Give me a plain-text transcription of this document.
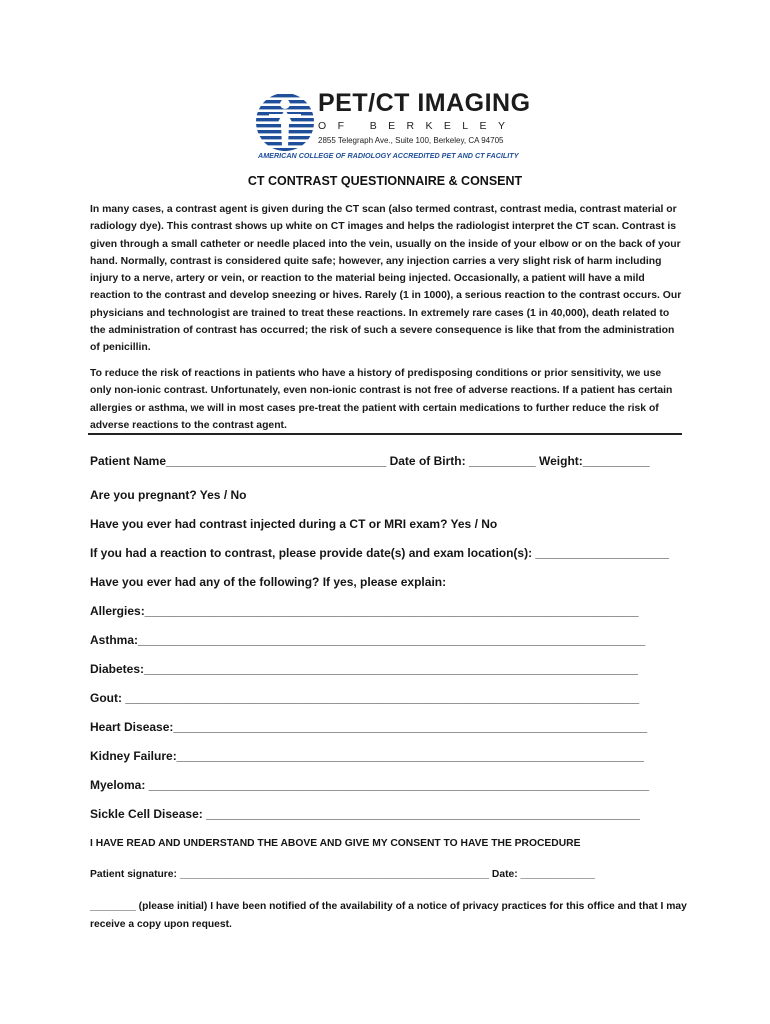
PET/CT IMAGING
OF BERKELEY
2855 Telegraph Ave., Suite 100, Berkeley, CA 94705
AMERICAN COLLEGE OF RADIOLOGY ACCREDITED PET AND CT FACILITY
CT CONTRAST QUESTIONNAIRE & CONSENT

In many cases, a contrast agent is given during the CT scan (also termed contrast, contrast media, contrast material or radiology dye). This contrast shows up white on CT images and helps the radiologist interpret the CT scan. Contrast is given through a small catheter or needle placed into the vein, usually on the inside of your elbow or on the back of your hand. Normally, contrast is considered quite safe; however, any injection carries a very slight risk of harm including injury to a nerve, artery or vein, or reaction to the material being injected. Occasionally, a patient will have a mild reaction to the contrast and develop sneezing or hives. Rarely (1 in 1000), a serious reaction to the contrast occurs. Our physicians and technologist are trained to treat these reactions. In extremely rare cases (1 in 40,000), death related to the administration of contrast has occurred; the risk of such a severe consequence is like that from the administration of penicillin.

To reduce the risk of reactions in patients who have a history of predisposing conditions or prior sensitivity, we use only non-ionic contrast. Unfortunately, even non-ionic contrast is not free of adverse reactions. If a patient has certain allergies or asthma, we will in most cases pre-treat the patient with certain medications to further reduce the risk of adverse reactions to the contrast agent.

Patient Name_________________________________ Date of Birth: __________ Weight:__________
Are you pregnant? Yes / No
Have you ever had contrast injected during a CT or MRI exam? Yes / No
If you had a reaction to contrast, please provide date(s) and exam location(s): ____________________
Have you ever had any of the following? If yes, please explain:
Allergies:__________________________________________________________________________
Asthma:____________________________________________________________________________
Diabetes:__________________________________________________________________________
Gout: _____________________________________________________________________________
Heart Disease:_______________________________________________________________________
Kidney Failure:______________________________________________________________________
Myeloma: ___________________________________________________________________________
Sickle Cell Disease: _________________________________________________________________
I HAVE READ AND UNDERSTAND THE ABOVE AND GIVE MY CONSENT TO HAVE THE PROCEDURE
Patient signature: ______________________________________________________ Date: _____________
________ (please initial) I have been notified of the availability of a notice of privacy practices for this office and that I may receive a copy upon request.
